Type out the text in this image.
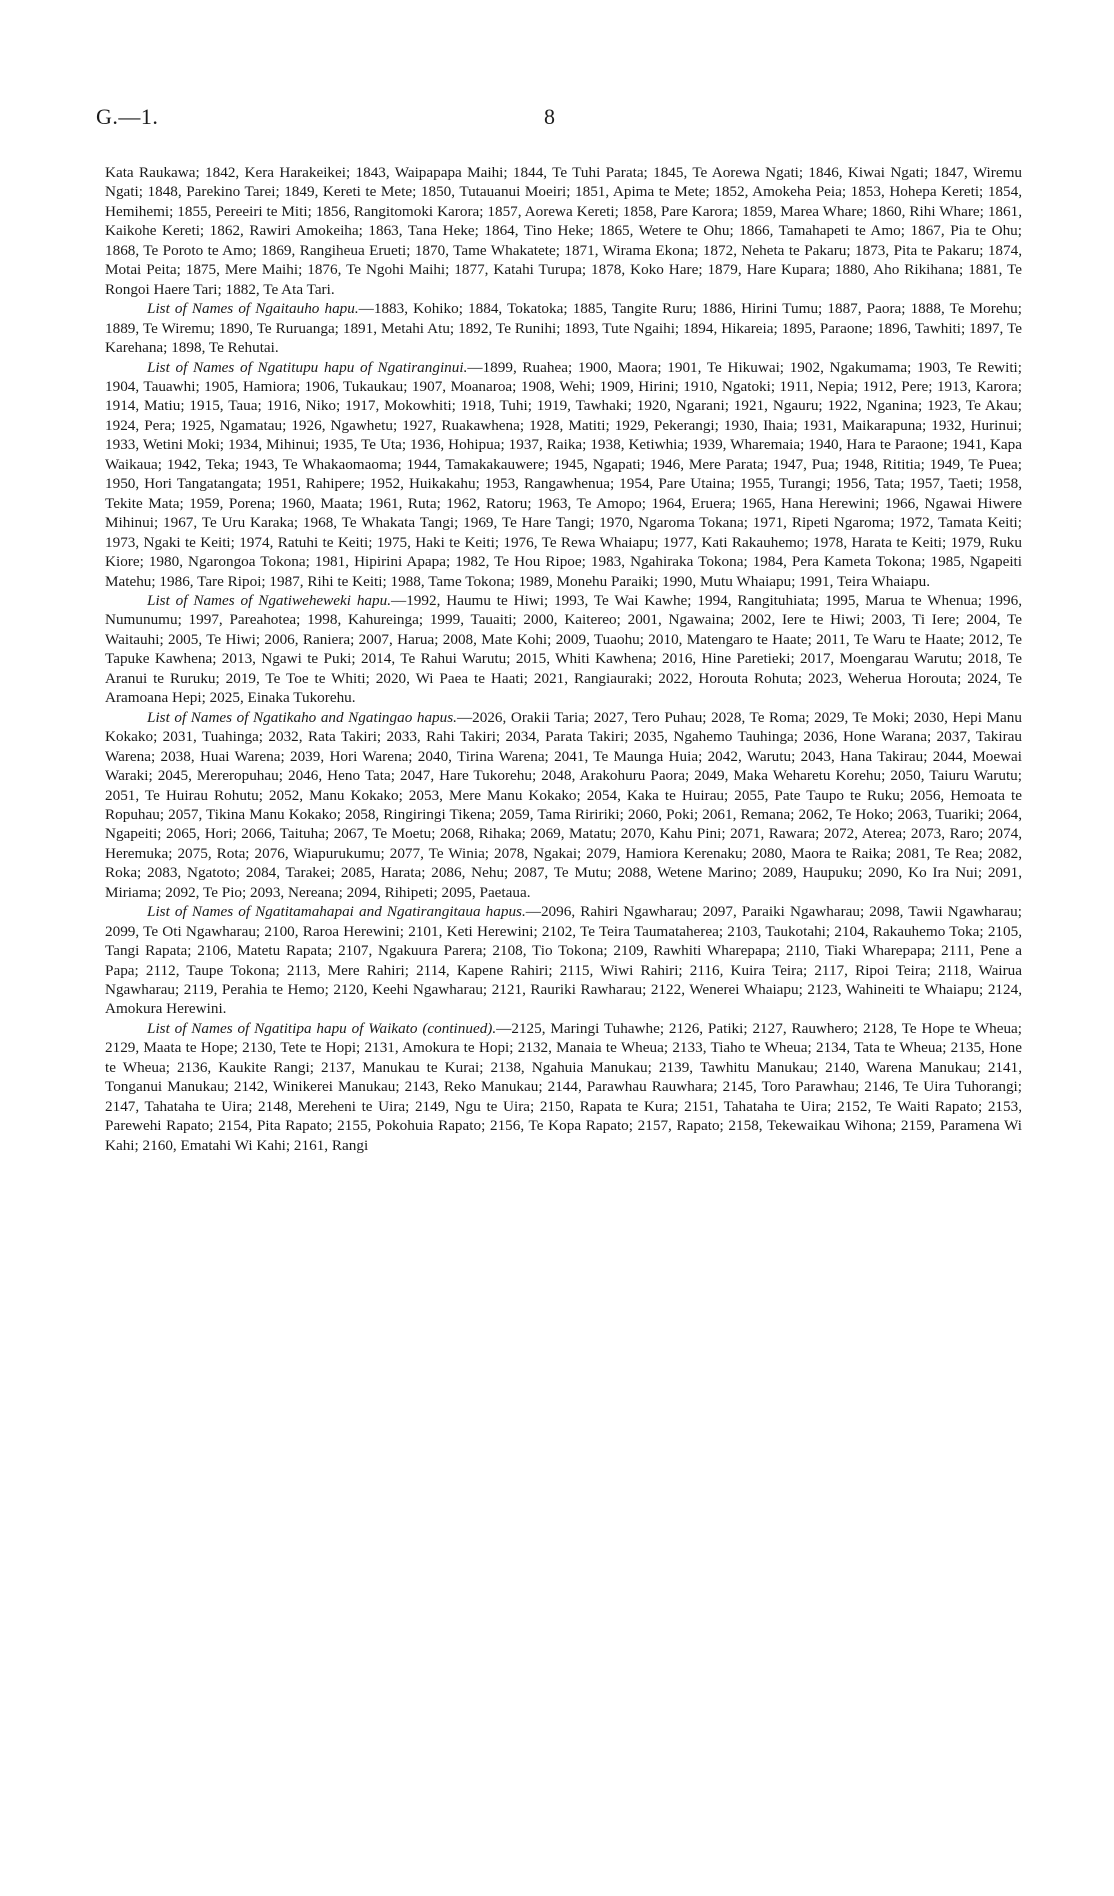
G.—1.	8

Kata Raukawa; 1842, Kera Harakeikei; 1843, Waipapapa Maihi; 1844, Te Tuhi Parata; 1845, Te Aorewa Ngati; 1846, Kiwai Ngati; 1847, Wiremu Ngati; 1848, Parekino Tarei; 1849, Kereti te Mete; 1850, Tutauanui Moeiri; 1851, Apima te Mete; 1852, Amokeha Peia; 1853, Hohepa Kereti; 1854, Hemihemi; 1855, Pereeiri te Miti; 1856, Rangitomoki Karora; 1857, Aorewa Kereti; 1858, Pare Karora; 1859, Marea Whare; 1860, Rihi Whare; 1861, Kaikohe Kereti; 1862, Rawiri Amokeiha; 1863, Tana Heke; 1864, Tino Heke; 1865, Wetere te Ohu; 1866, Tamahapeti te Amo; 1867, Pia te Ohu; 1868, Te Poroto te Amo; 1869, Rangiheua Erueti; 1870, Tame Whakatete; 1871, Wirama Ekona; 1872, Neheta te Pakaru; 1873, Pita te Pakaru; 1874, Motai Peita; 1875, Mere Maihi; 1876, Te Ngohi Maihi; 1877, Katahi Turupa; 1878, Koko Hare; 1879, Hare Kupara; 1880, Aho Rikihana; 1881, Te Rongoi Haere Tari; 1882, Te Ata Tari.

List of Names of Ngaitauho hapu.—1883, Kohiko; 1884, Tokatoka; 1885, Tangite Ruru; 1886, Hirini Tumu; 1887, Paora; 1888, Te Morehu; 1889, Te Wiremu; 1890, Te Ruruanga; 1891, Metahi Atu; 1892, Te Runihi; 1893, Tute Ngaihi; 1894, Hikareia; 1895, Paraone; 1896, Tawhiti; 1897, Te Karehana; 1898, Te Rehutai.

List of Names of Ngatitupu hapu of Ngatiranginui.—1899, Ruahea; 1900, Maora; 1901, Te Hikuwai; 1902, Ngakumama; 1903, Te Rewiti; 1904, Tauawhi; 1905, Hamiora; 1906, Tukaukau; 1907, Moanaroa; 1908, Wehi; 1909, Hirini; 1910, Ngatoki; 1911, Nepia; 1912, Pere; 1913, Karora; 1914, Matiu; 1915, Taua; 1916, Niko; 1917, Mokowhiti; 1918, Tuhi; 1919, Tawhaki; 1920, Ngarani; 1921, Ngauru; 1922, Nganina; 1923, Te Akau; 1924, Pera; 1925, Ngamatau; 1926, Ngawhetu; 1927, Ruakawhena; 1928, Matiti; 1929, Pekerangi; 1930, Ihaia; 1931, Maikarapuna; 1932, Hurinui; 1933, Wetini Moki; 1934, Mihinui; 1935, Te Uta; 1936, Hohipua; 1937, Raika; 1938, Ketiwhia; 1939, Wharemaia; 1940, Hara te Paraone; 1941, Kapa Waikaua; 1942, Teka; 1943, Te Whakaomaoma; 1944, Tamakakauwere; 1945, Ngapati; 1946, Mere Parata; 1947, Pua; 1948, Rititia; 1949, Te Puea; 1950, Hori Tangatangata; 1951, Rahipere; 1952, Huikakahu; 1953, Rangawhenua; 1954, Pare Utaina; 1955, Turangi; 1956, Tata; 1957, Taeti; 1958, Tekite Mata; 1959, Porena; 1960, Maata; 1961, Ruta; 1962, Ratoru; 1963, Te Amopo; 1964, Eruera; 1965, Hana Herewini; 1966, Ngawai Hiwere Mihinui; 1967, Te Uru Karaka; 1968, Te Whakata Tangi; 1969, Te Hare Tangi; 1970, Ngaroma Tokana; 1971, Ripeti Ngaroma; 1972, Tamata Keiti; 1973, Ngaki te Keiti; 1974, Ratuhi te Keiti; 1975, Haki te Keiti; 1976, Te Rewa Whaiapu; 1977, Kati Rakauhemo; 1978, Harata te Keiti; 1979, Ruku Kiore; 1980, Ngarongoa Tokona; 1981, Hipirini Apapa; 1982, Te Hou Ripoe; 1983, Ngahiraka Tokona; 1984, Pera Kameta Tokona; 1985, Ngapeiti Matehu; 1986, Tare Ripoi; 1987, Rihi te Keiti; 1988, Tame Tokona; 1989, Monehu Paraiki; 1990, Mutu Whaiapu; 1991, Teira Whaiapu.

List of Names of Ngatiweheweki hapu.—1992, Haumu te Hiwi; 1993, Te Wai Kawhe; 1994, Rangituhiata; 1995, Marua te Whenua; 1996, Numunumu; 1997, Pareahotea; 1998, Kahureinga; 1999, Tauaiti; 2000, Kaitereo; 2001, Ngawaina; 2002, Iere te Hiwi; 2003, Ti Iere; 2004, Te Waitauhi; 2005, Te Hiwi; 2006, Raniera; 2007, Harua; 2008, Mate Kohi; 2009, Tuaohu; 2010, Matengaro te Haate; 2011, Te Waru te Haate; 2012, Te Tapuke Kawhena; 2013, Ngawi te Puki; 2014, Te Rahui Warutu; 2015, Whiti Kawhena; 2016, Hine Paretieki; 2017, Moengarau Warutu; 2018, Te Aranui te Ruruku; 2019, Te Toe te Whiti; 2020, Wi Paea te Haati; 2021, Rangiauraki; 2022, Horouta Rohuta; 2023, Weherua Horouta; 2024, Te Aramoana Hepi; 2025, Einaka Tukorehu.

List of Names of Ngatikaho and Ngatingao hapus.—2026, Orakii Taria; 2027, Tero Puhau; 2028, Te Roma; 2029, Te Moki; 2030, Hepi Manu Kokako; 2031, Tuahinga; 2032, Rata Takiri; 2033, Rahi Takiri; 2034, Parata Takiri; 2035, Ngahemo Tauhinga; 2036, Hone Warana; 2037, Takirau Warena; 2038, Huai Warena; 2039, Hori Warena; 2040, Tirina Warena; 2041, Te Maunga Huia; 2042, Warutu; 2043, Hana Takirau; 2044, Moewai Waraki; 2045, Mereropuhau; 2046, Heno Tata; 2047, Hare Tukorehu; 2048, Arakohuru Paora; 2049, Maka Weharetu Korehu; 2050, Taiuru Warutu; 2051, Te Huirau Rohutu; 2052, Manu Kokako; 2053, Mere Manu Kokako; 2054, Kaka te Huirau; 2055, Pate Taupo te Ruku; 2056, Hemoata te Ropuhau; 2057, Tikina Manu Kokako; 2058, Ringiringi Tikena; 2059, Tama Riririki; 2060, Poki; 2061, Remana; 2062, Te Hoko; 2063, Tuariki; 2064, Ngapeiti; 2065, Hori; 2066, Taituha; 2067, Te Moetu; 2068, Rihaka; 2069, Matatu; 2070, Kahu Pini; 2071, Rawara; 2072, Aterea; 2073, Raro; 2074, Heremuka; 2075, Rota; 2076, Wiapurukumu; 2077, Te Winia; 2078, Ngakai; 2079, Hamiora Kerenaku; 2080, Maora te Raika; 2081, Te Rea; 2082, Roka; 2083, Ngatoto; 2084, Tarakei; 2085, Harata; 2086, Nehu; 2087, Te Mutu; 2088, Wetene Marino; 2089, Haupuku; 2090, Ko Ira Nui; 2091, Miriama; 2092, Te Pio; 2093, Nereana; 2094, Rihipeti; 2095, Paetaua.

List of Names of Ngatitamahapai and Ngatirangitaua hapus.—2096, Rahiri Ngawharau; 2097, Paraiki Ngawharau; 2098, Tawii Ngawharau; 2099, Te Oti Ngawharau; 2100, Raroa Herewini; 2101, Keti Herewini; 2102, Te Teira Taumataherea; 2103, Taukotahi; 2104, Rakauhemo Toka; 2105, Tangi Rapata; 2106, Matetu Rapata; 2107, Ngakuura Parera; 2108, Tio Tokona; 2109, Rawhiti Wharepapa; 2110, Tiaki Wharepapa; 2111, Pene a Papa; 2112, Taupe Tokona; 2113, Mere Rahiri; 2114, Kapene Rahiri; 2115, Wiwi Rahiri; 2116, Kuira Teira; 2117, Ripoi Teira; 2118, Wairua Ngawharau; 2119, Perahia te Hemo; 2120, Keehi Ngawharau; 2121, Rauriki Rawharau; 2122, Wenerei Whaiapu; 2123, Wahineiti te Whaiapu; 2124, Amokura Herewini.

List of Names of Ngatitipa hapu of Waikato (continued).—2125, Maringi Tuhawhe; 2126, Patiki; 2127, Rauwhero; 2128, Te Hope te Wheua; 2129, Maata te Hope; 2130, Tete te Hopi; 2131, Amokura te Hopi; 2132, Manaia te Wheua; 2133, Tiaho te Wheua; 2134, Tata te Wheua; 2135, Hone te Wheua; 2136, Kaukite Rangi; 2137, Manukau te Kurai; 2138, Ngahuia Manukau; 2139, Tawhitu Manukau; 2140, Warena Manukau; 2141, Tonganui Manukau; 2142, Winikerei Manukau; 2143, Reko Manukau; 2144, Parawhau Rauwhara; 2145, Toro Parawhau; 2146, Te Uira Tuhorangi; 2147, Tahataha te Uira; 2148, Mereheni te Uira; 2149, Ngu te Uira; 2150, Rapata te Kura; 2151, Tahataha te Uira; 2152, Te Waiti Rapato; 2153, Parewehi Rapato; 2154, Pita Rapato; 2155, Pokohuia Rapato; 2156, Te Kopa Rapato; 2157, Rapato; 2158, Tekewaikau Wihona; 2159, Paramena Wi Kahi; 2160, Ematahi Wi Kahi; 2161, Rangi
